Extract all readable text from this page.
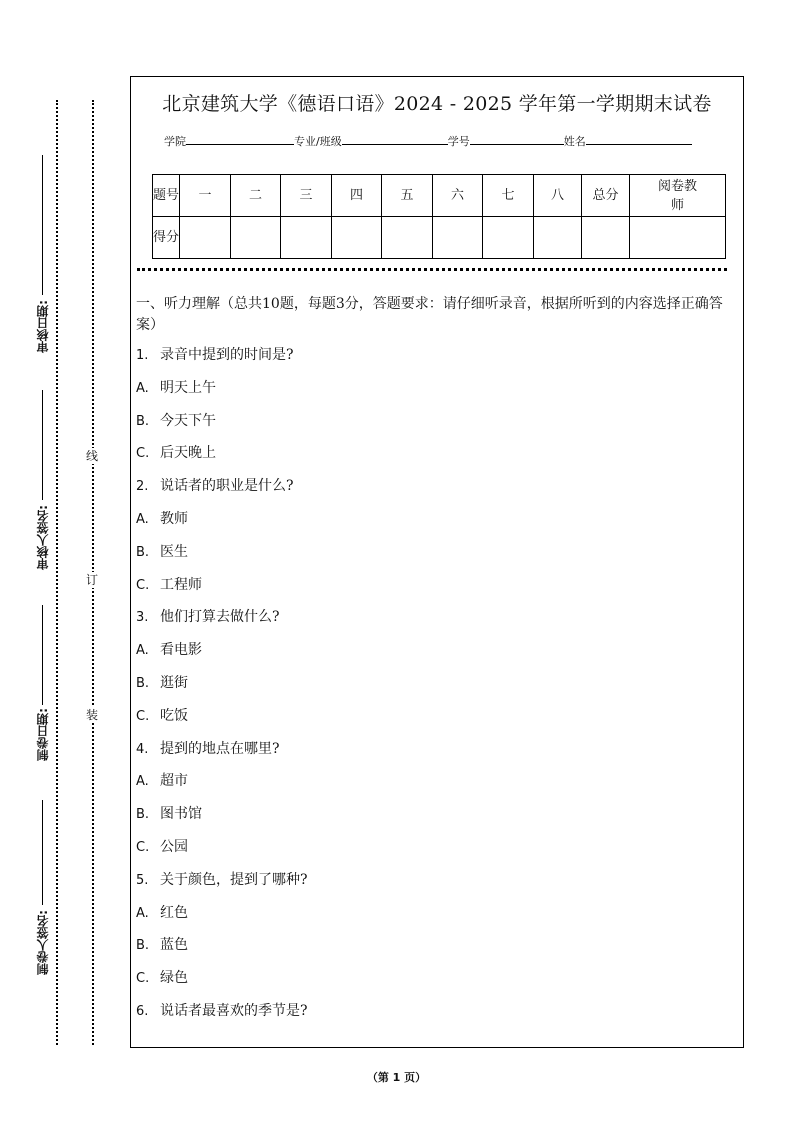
审核日期:
审核人签名:
制卷日期:
制卷人签名:
线
订
装
北京建筑大学《德语口语》2024 - 2025 学年第一学期期末试卷
学院	专业/班级	学号	姓名
题号	一	二	三	四	五	六	七	八	总分	阅卷教师
得分										
一、听力理解（总共10题，每题3分，答题要求：请仔细听录音，根据所听到的内容选择正确答案）
1. 录音中提到的时间是?
A. 明天上午
B. 今天下午
C. 后天晚上
2. 说话者的职业是什么?
A. 教师
B. 医生
C. 工程师
3. 他们打算去做什么?
A. 看电影
B. 逛街
C. 吃饭
4. 提到的地点在哪里?
A. 超市
B. 图书馆
C. 公园
5. 关于颜色，提到了哪种?
A. 红色
B. 蓝色
C. 绿色
6. 说话者最喜欢的季节是?
（第 1 页）
